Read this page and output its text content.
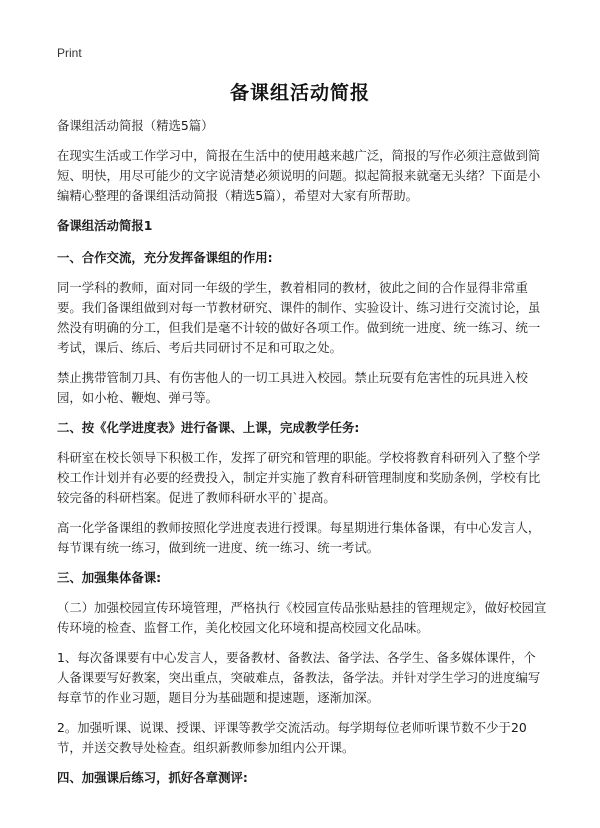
Print
备课组活动简报

备课组活动简报（精选5篇）

在现实生活或工作学习中，简报在生活中的使用越来越广泛，简报的写作必须注意做到简短、明快，用尽可能少的文字说清楚必须说明的问题。拟起简报来就毫无头绪？下面是小编精心整理的备课组活动简报（精选5篇），希望对大家有所帮助。

备课组活动简报1

一、合作交流，充分发挥备课组的作用:

同一学科的教师，面对同一年级的学生，教着相同的教材，彼此之间的合作显得非常重要。我们备课组做到对每一节教材研究、课件的制作、实验设计、练习进行交流讨论，虽然没有明确的分工，但我们是毫不计较的做好各项工作。做到统一进度、统一练习、统一考试，课后、练后、考后共同研讨不足和可取之处。

禁止携带管制刀具、有伤害他人的一切工具进入校园。禁止玩耍有危害性的玩具进入校园，如小枪、鞭炮、弹弓等。

二、按《化学进度表》进行备课、上课，完成教学任务:

科研室在校长领导下积极工作，发挥了研究和管理的职能。学校将教育科研列入了整个学校工作计划并有必要的经费投入，制定并实施了教育科研管理制度和奖励条例，学校有比较完备的科研档案。促进了教师科研水平的`提高。

高一化学备课组的教师按照化学进度表进行授课。每星期进行集体备课，有中心发言人，每节课有统一练习，做到统一进度、统一练习、统一考试。

三、加强集体备课:

（二）加强校园宣传环境管理，严格执行《校园宣传品张贴悬挂的管理规定》，做好校园宣传环境的检查、监督工作，美化校园文化环境和提高校园文化品味。

1、每次备课要有中心发言人，要备教材、备教法、备学法、各学生、备多媒体课件，个人备课要写好教案，突出重点，突破难点，备教法，备学法。并针对学生学习的进度编写每章节的作业习题，题目分为基础题和提速题，逐渐加深。

2。加强听课、说课、授课、评课等教学交流活动。每学期每位老师听课节数不少于20节，并送交教导处检查。组织新教师参加组内公开课。

四、加强课后练习，抓好各章测评:
